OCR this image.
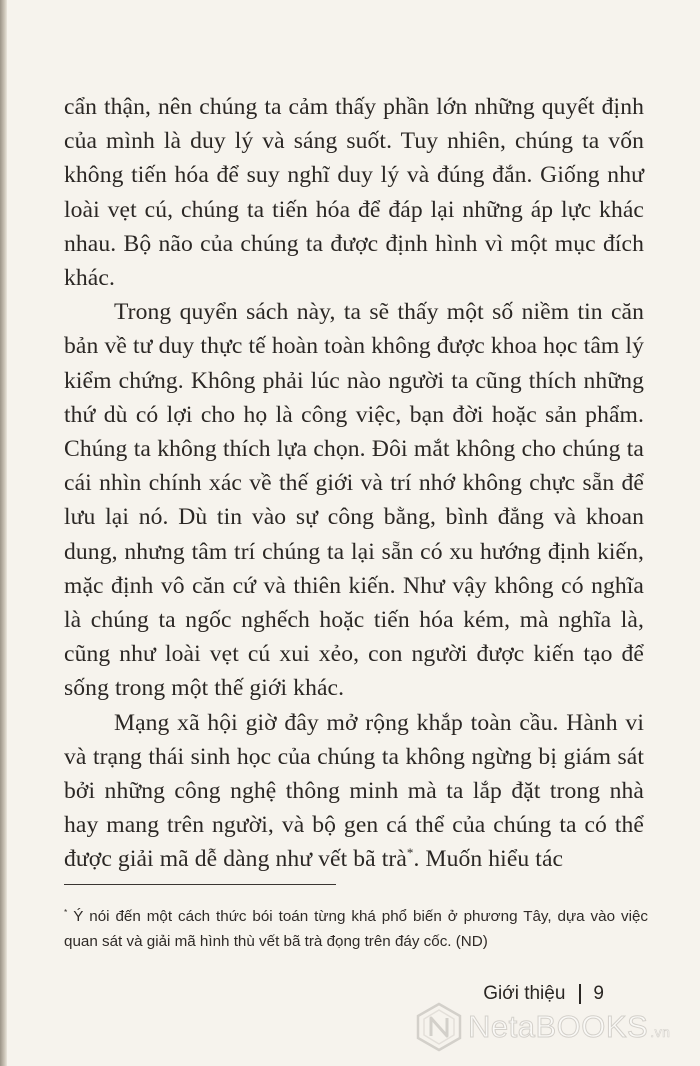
cẩn thận, nên chúng ta cảm thấy phần lớn những quyết định của mình là duy lý và sáng suốt. Tuy nhiên, chúng ta vốn không tiến hóa để suy nghĩ duy lý và đúng đắn. Giống như loài vẹt cú, chúng ta tiến hóa để đáp lại những áp lực khác nhau. Bộ não của chúng ta được định hình vì một mục đích khác.

Trong quyển sách này, ta sẽ thấy một số niềm tin căn bản về tư duy thực tế hoàn toàn không được khoa học tâm lý kiểm chứng. Không phải lúc nào người ta cũng thích những thứ dù có lợi cho họ là công việc, bạn đời hoặc sản phẩm. Chúng ta không thích lựa chọn. Đôi mắt không cho chúng ta cái nhìn chính xác về thế giới và trí nhớ không chực sẵn để lưu lại nó. Dù tin vào sự công bằng, bình đẳng và khoan dung, nhưng tâm trí chúng ta lại sẵn có xu hướng định kiến, mặc định vô căn cứ và thiên kiến. Như vậy không có nghĩa là chúng ta ngốc nghếch hoặc tiến hóa kém, mà nghĩa là, cũng như loài vẹt cú xui xẻo, con người được kiến tạo để sống trong một thế giới khác.

Mạng xã hội giờ đây mở rộng khắp toàn cầu. Hành vi và trạng thái sinh học của chúng ta không ngừng bị giám sát bởi những công nghệ thông minh mà ta lắp đặt trong nhà hay mang trên người, và bộ gen cá thể của chúng ta có thể được giải mã dễ dàng như vết bã trà*. Muốn hiểu tác

* Ý nói đến một cách thức bói toán từng khá phổ biến ở phương Tây, dựa vào việc quan sát và giải mã hình thù vết bã trà đọng trên đáy cốc. (ND)
Giới thiệu 9
NetaBOOKS .vn
